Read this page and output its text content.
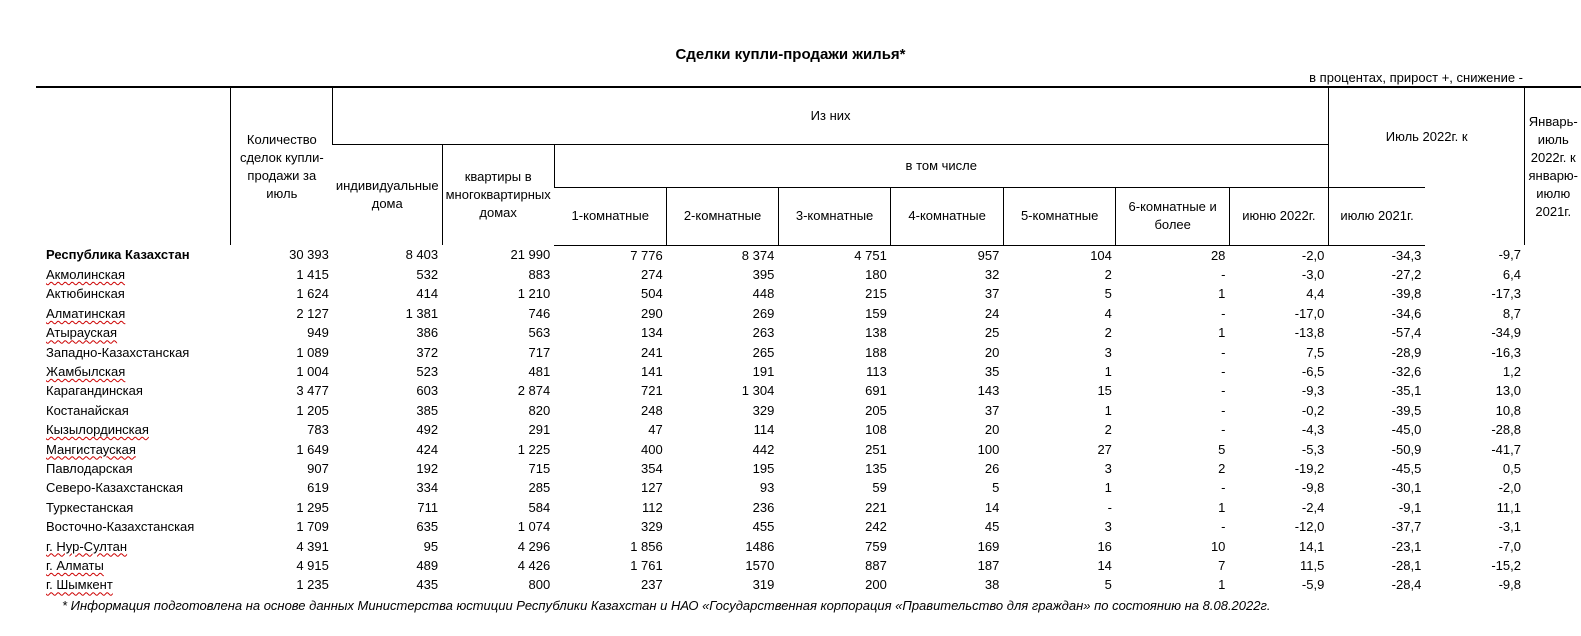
Сделки купли-продажи жилья*
в процентах, прирост +, снижение -
	Количество сделок купли-продажи за июль	Из них									Июль 2022г. к		Январь-июль 2022г. к январю-июлю 2021г.
		индивидуальные дома	квартиры в многоквартирных домах	в том числе									
				1-комнатные	2-комнатные	3-комнатные	4-комнатные	5-комнатные	6-комнатные и более	июню 2022г.	июлю 2021г.		
Республика Казахстан	30 393	8 403	21 990	7 776	8 374	4 751	957	104	28	-2,0	-34,3	-9,7	
Акмолинская	1 415	532	883	274	395	180	32	2	-	-3,0	-27,2	6,4	
Актюбинская	1 624	414	1 210	504	448	215	37	5	1	4,4	-39,8	-17,3	
Алматинская	2 127	1 381	746	290	269	159	24	4	-	-17,0	-34,6	8,7	
Атырауская	949	386	563	134	263	138	25	2	1	-13,8	-57,4	-34,9	
Западно-Казахстанская	1 089	372	717	241	265	188	20	3	-	7,5	-28,9	-16,3	
Жамбылская	1 004	523	481	141	191	113	35	1	-	-6,5	-32,6	1,2	
Карагандинская	3 477	603	2 874	721	1 304	691	143	15	-	-9,3	-35,1	13,0	
Костанайская	1 205	385	820	248	329	205	37	1	-	-0,2	-39,5	10,8	
Кызылординская	783	492	291	47	114	108	20	2	-	-4,3	-45,0	-28,8	
Мангистауская	1 649	424	1 225	400	442	251	100	27	5	-5,3	-50,9	-41,7	
Павлодарская	907	192	715	354	195	135	26	3	2	-19,2	-45,5	0,5	
Северо-Казахстанская	619	334	285	127	93	59	5	1	-	-9,8	-30,1	-2,0	
Туркестанская	1 295	711	584	112	236	221	14	-	1	-2,4	-9,1	11,1	
Восточно-Казахстанская	1 709	635	1 074	329	455	242	45	3	-	-12,0	-37,7	-3,1	
г. Нур-Султан	4 391	95	4 296	1 856	1486	759	169	16	10	14,1	-23,1	-7,0	
г. Алматы	4 915	489	4 426	1 761	1570	887	187	14	7	11,5	-28,1	-15,2	
г. Шымкент	1 235	435	800	237	319	200	38	5	1	-5,9	-28,4	-9,8	
* Информация подготовлена на основе данных Министерства юстиции Республики Казахстан и НАО «Государственная корпорация «Правительство для граждан» по состоянию на 8.08.2022г.
